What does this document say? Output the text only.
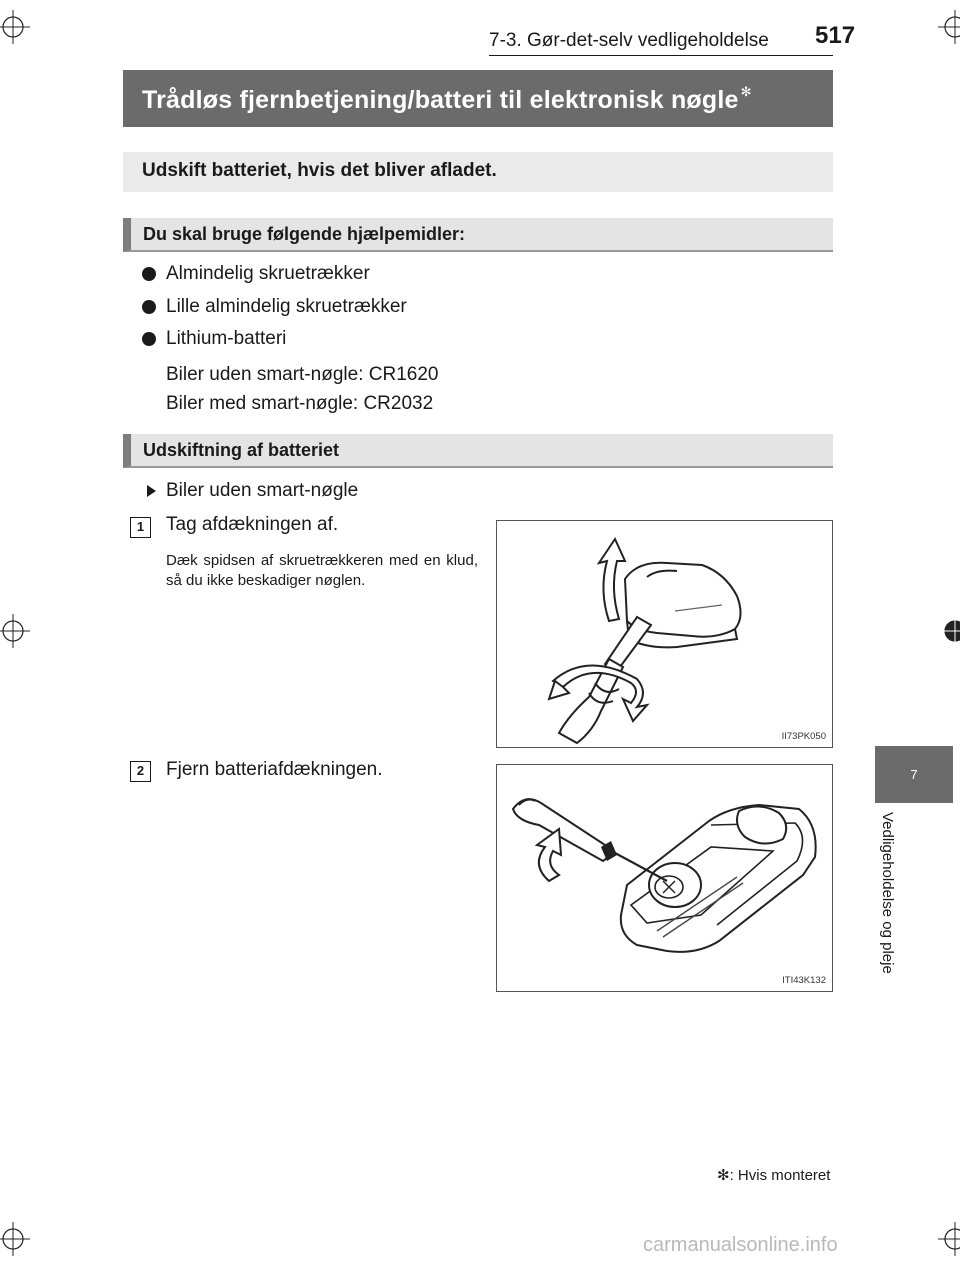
7-3. Gør-det-selv vedligeholdelse 517
Trådløs fjernbetjening/batteri til elektronisk nøgle ✻
Udskift batteriet, hvis det bliver afladet.
Du skal bruge følgende hjælpemidler:
Almindelig skruetrækker
Lille almindelig skruetrækker
Lithium-batteri
Biler uden smart-nøgle: CR1620
Biler med smart-nøgle: CR2032
Udskiftning af batteriet
Biler uden smart-nøgle
1	Tag afdækningen af.
Dæk spidsen af skruetrækkeren med en klud, så du ikke beskadiger nøglen.
II73PK050
2	Fjern batteriafdækningen.
ITI43K132
7
Vedligeholdelse og pleje
✻: Hvis monteret
carmanualsonline.info
